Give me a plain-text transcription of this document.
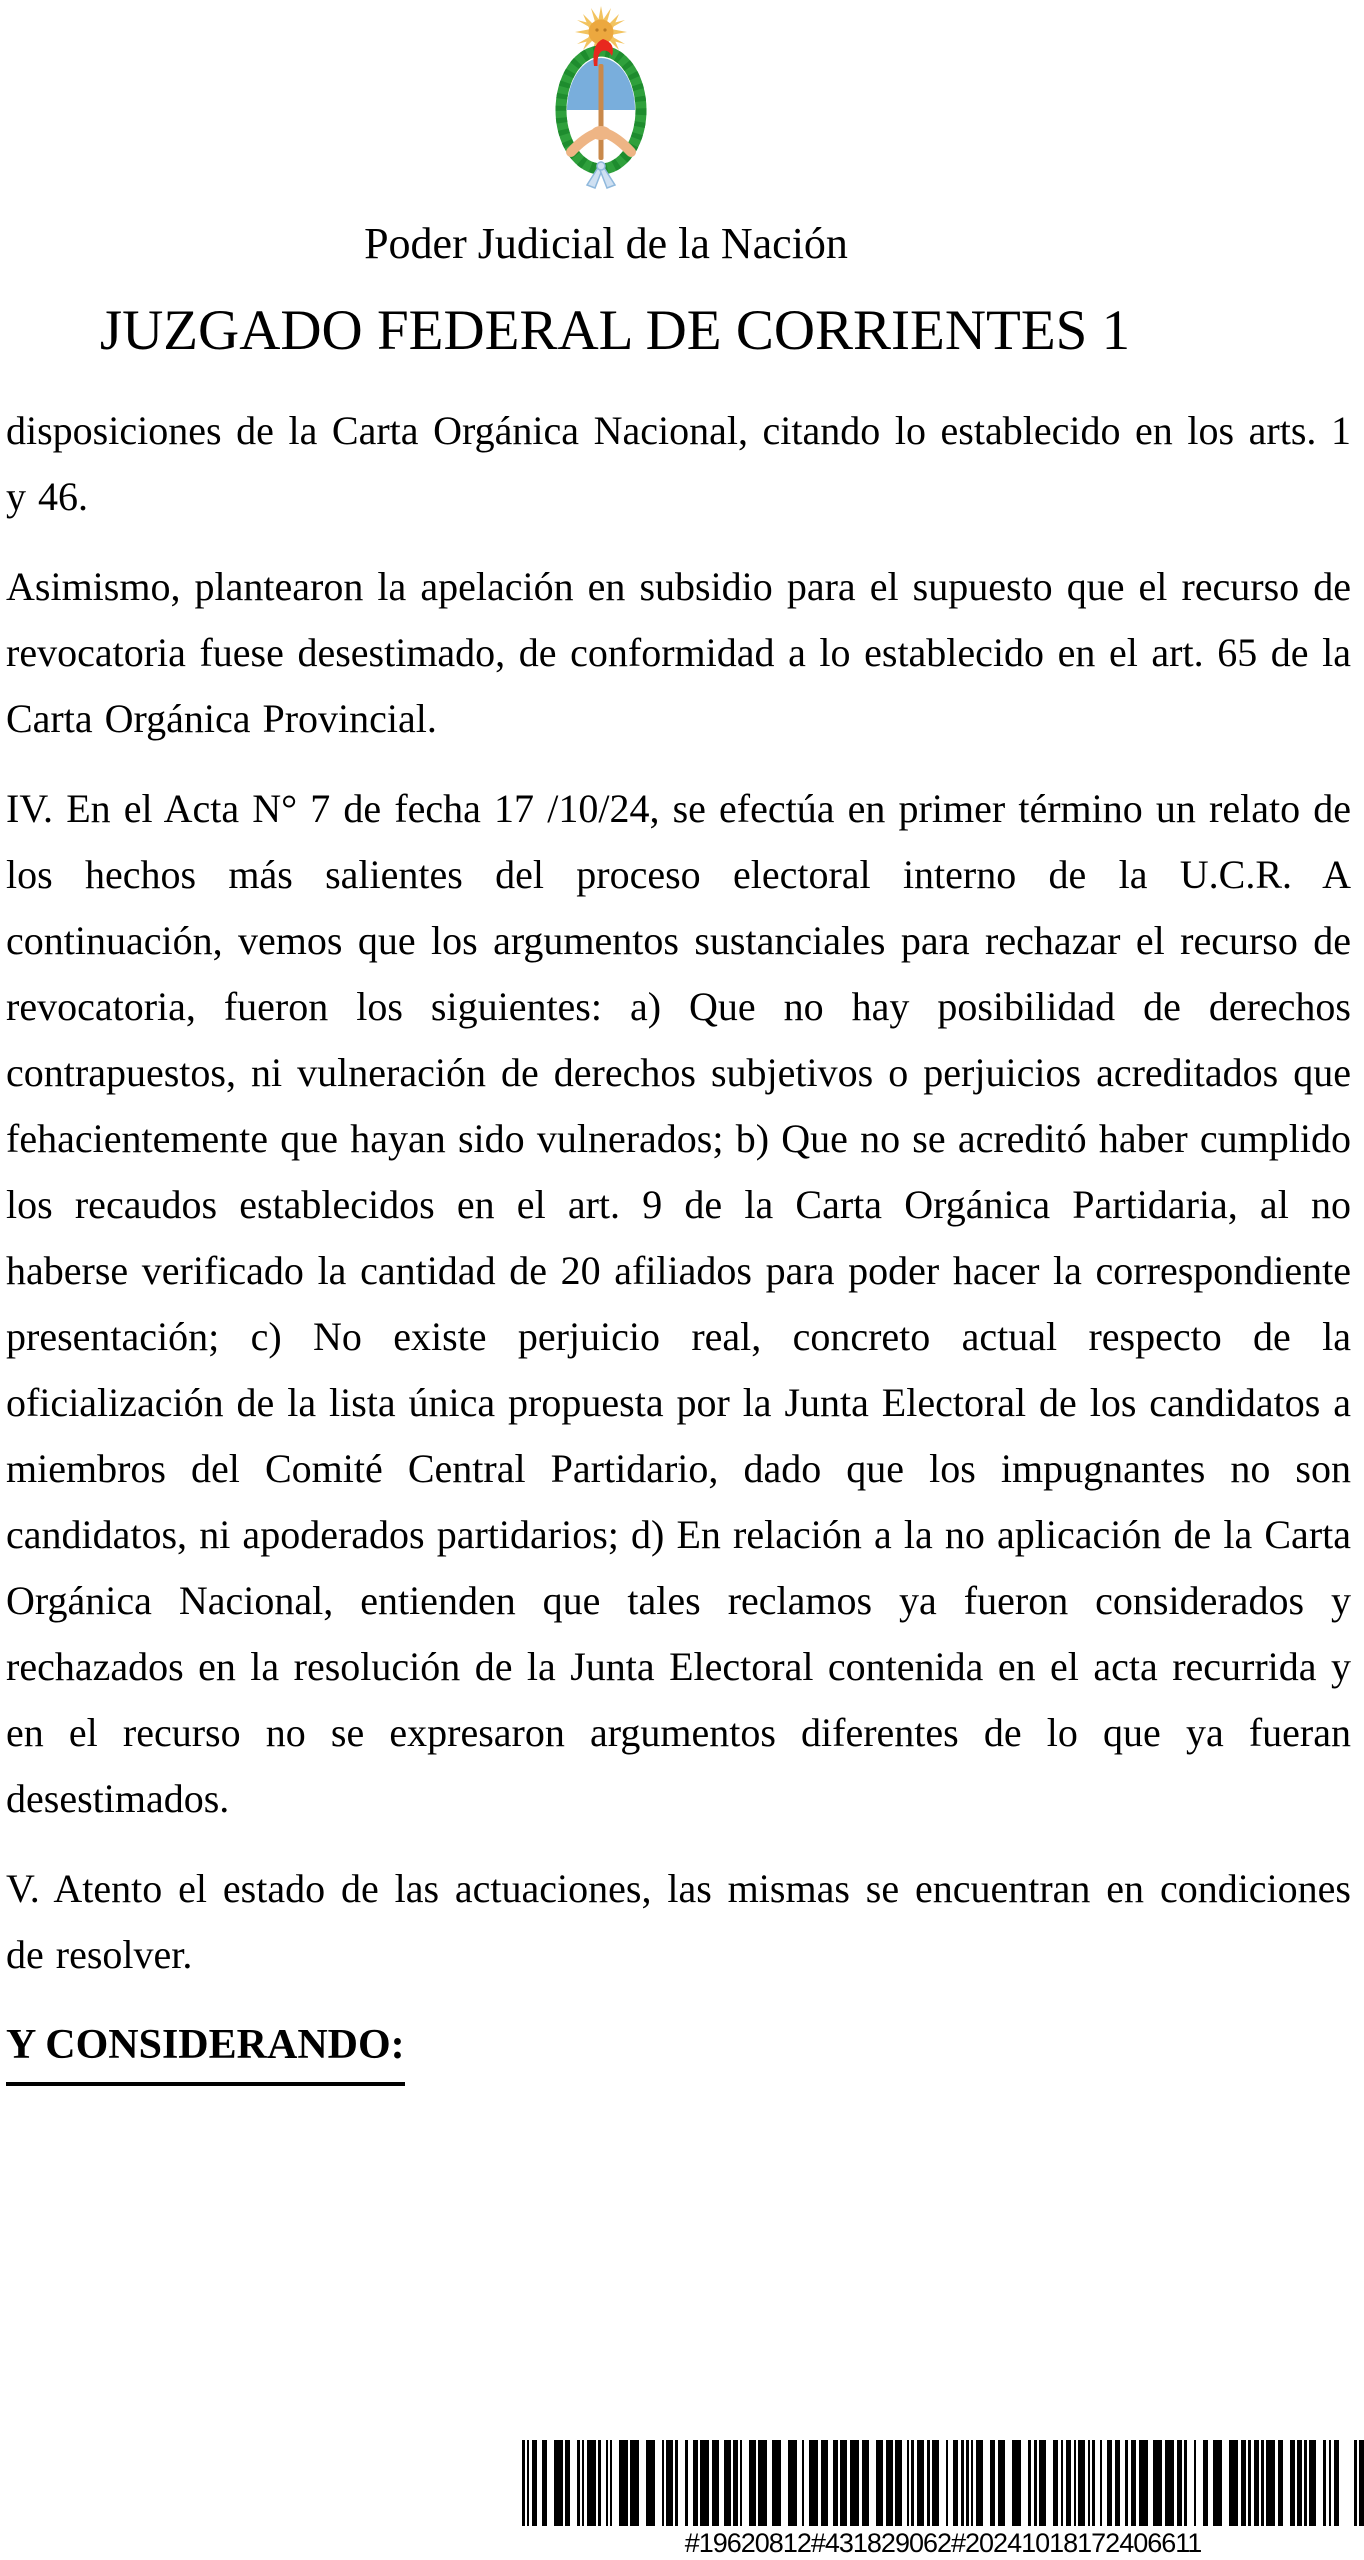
Poder Judicial de la Nación
JUZGADO FEDERAL DE CORRIENTES 1

disposiciones de la Carta Orgánica Nacional, citando lo establecido en los arts. 1 y 46.

Asimismo, plantearon la apelación en subsidio para el supuesto que el recurso de revocatoria fuese desestimado, de conformidad a lo establecido en el art. 65 de la Carta Orgánica Provincial.

IV. En el Acta N° 7 de fecha 17 /10/24, se efectúa en primer término un relato de los hechos más salientes del proceso electoral interno de la U.C.R. A continuación, vemos que los argumentos sustanciales para rechazar el recurso de revocatoria, fueron los siguientes: a) Que no hay posibilidad de derechos contrapuestos, ni vulneración de derechos subjetivos o perjuicios acreditados que fehacientemente que hayan sido vulnerados; b) Que no se acreditó haber cumplido los recaudos establecidos en el art. 9 de la Carta Orgánica Partidaria, al no haberse verificado la cantidad de 20 afiliados para poder hacer la correspondiente presentación; c) No existe perjuicio real, concreto actual respecto de la oficialización de la lista única propuesta por la Junta Electoral de los candidatos a miembros del Comité Central Partidario, dado que los impugnantes no son candidatos, ni apoderados partidarios; d) En relación a la no aplicación de la Carta Orgánica Nacional, entienden que tales reclamos ya fueron considerados y rechazados en la resolución de la Junta Electoral contenida en el acta recurrida y en el recurso no se expresaron argumentos diferentes de lo que ya fueran desestimados.

V. Atento el estado de las actuaciones, las mismas se encuentran en condiciones de resolver.

Y CONSIDERANDO:
#19620812#431829062#20241018172406611
